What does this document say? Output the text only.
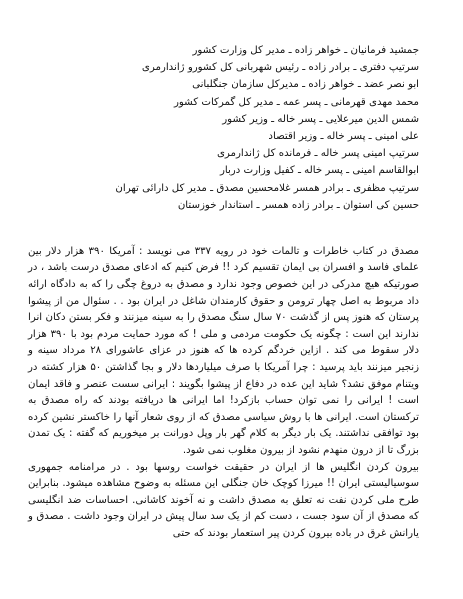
جمشید فرمانیان ـ خواهر زاده ـ مدیر کل وزارت کشور
سرتیپ دفتری ـ برادر زاده ـ رئیس شهربانی کل کشورو ژاندارمری
ابو نصر عضد ـ خواهر زاده ـ مدیرکل سازمان جنگلبانی
محمد مهدی قهرمانی ـ پسر عمه ـ مدیر کل گمرکات کشور
شمس الدین میرعلایی ـ پسر خاله ـ وزیر کشور
علی امینی ـ پسر خاله ـ وزیر اقتصاد
سرتیپ امینی پسر خاله ـ فرمانده کل ژاندارمری
ابوالقاسم امینی ـ پسر خاله ـ کفیل وزارت دربار
سرتیپ مظفری ـ برادر همسر غلامحسین مصدق ـ مدیر کل دارائی تهران
حسین کی استوان ـ برادر زاده همسر ـ استاندار خوزستان

مصدق در کتاب خاطرات و تالمات خود در رویه ۳۳۷ می نویسد : آمریکا ۳۹۰ هزار دلار بین علمای فاسد و افسران بی ایمان تقسیم کرد !! فرض کنیم که ادعای مصدق درست باشد ، در صورتیکه هیچ مدرکی در این خصوص وجود ندارد و مصدق به دروغ چگی را که به دادگاه ارائه داد مربوط به اصل چهار ترومن و حقوق کارمندان شاغل در ایران بود . . سئوال من از پیشوا پرستان که هنوز پس از گذشت ۷۰ سال سنگ مصدق را به سینه میزنند و فکر بستن دکان انرا ندارند این است : چگونه یک حکومت مردمی و ملی ! که مورد حمایت مردم بود با ۳۹۰ هزار دلار سقوط می کند . ازاین خردگم کرده ها که هنوز در عزای عاشورای ۲۸ مرداد سینه و زنجیر میزنند باید پرسید : چرا آمریکا با صرف میلیاردها دلار و بجا گذاشتن ۵۰ هزار کشته در ویتنام موفق نشد؟ شاید این عده در دفاع از پیشوا بگویند : ایرانی سست عنصر و فاقد ایمان است ! ایرانی را نمی توان حساب بازکرد! اما ایرانی ها دریافته بودند که راه مصدق به ترکستان است. ایرانی ها با روش سیاسی مصدق که از روی شعار آنها را خاکستر نشین کرده بود توافقی نداشتند. یک بار دیگر به کلام گهر بار وپل دورانت بر میخوریم که گفته : یک تمدن بزرگ تا از درون منهدم نشود از بیرون مغلوب نمی شود.

بیرون کردن انگلیس ها از ایران در حقیقت خواست روسها بود . در مرامنامه جمهوری سوسیالیستی ایران !! میرزا کوچک خان جنگلی این مسئله به وضوح مشاهده میشود. بنابراین طرح ملی کردن نفت نه تعلق به مصدق داشت و نه آخوند کاشانی. احساسات ضد انگلیسی که مصدق از آن سود جست ، دست کم از یک سد سال پیش در ایران وجود داشت . مصدق و یارانش غرق در باده بیرون کردن پیر استعمار بودند که حتی
